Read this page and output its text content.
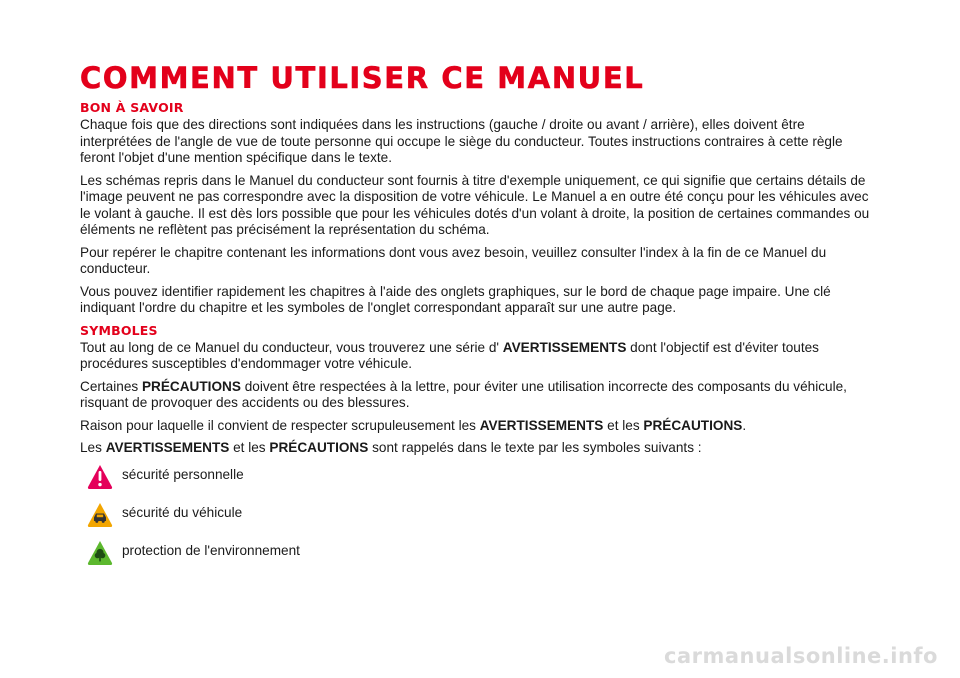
COMMENT UTILISER CE MANUEL
BON À SAVOIR

Chaque fois que des directions sont indiquées dans les instructions (gauche / droite ou avant / arrière), elles doivent être interprétées de l'angle de vue de toute personne qui occupe le siège du conducteur. Toutes instructions contraires à cette règle feront l'objet d'une mention spécifique dans le texte.

Les schémas repris dans le Manuel du conducteur sont fournis à titre d'exemple uniquement, ce qui signifie que certains détails de l'image peuvent ne pas correspondre avec la disposition de votre véhicule. Le Manuel a en outre été conçu pour les véhicules avec le volant à gauche. Il est dès lors possible que pour les véhicules dotés d'un volant à droite, la position de certaines commandes ou éléments ne reflètent pas précisément la représentation du schéma.

Pour repérer le chapitre contenant les informations dont vous avez besoin, veuillez consulter l'index à la fin de ce Manuel du conducteur.

Vous pouvez identifier rapidement les chapitres à l'aide des onglets graphiques, sur le bord de chaque page impaire. Une clé indiquant l'ordre du chapitre et les symboles de l'onglet correspondant apparaît sur une autre page.

SYMBOLES

Tout au long de ce Manuel du conducteur, vous trouverez une série d' AVERTISSEMENTS dont l'objectif est d'éviter toutes procédures susceptibles d'endommager votre véhicule.

Certaines PRÉCAUTIONS doivent être respectées à la lettre, pour éviter une utilisation incorrecte des composants du véhicule, risquant de provoquer des accidents ou des blessures.

Raison pour laquelle il convient de respecter scrupuleusement les AVERTISSEMENTS et les PRÉCAUTIONS.

Les AVERTISSEMENTS et les PRÉCAUTIONS sont rappelés dans le texte par les symboles suivants :

sécurité personnelle
sécurité du véhicule
protection de l'environnement
carmanualsonline.info
